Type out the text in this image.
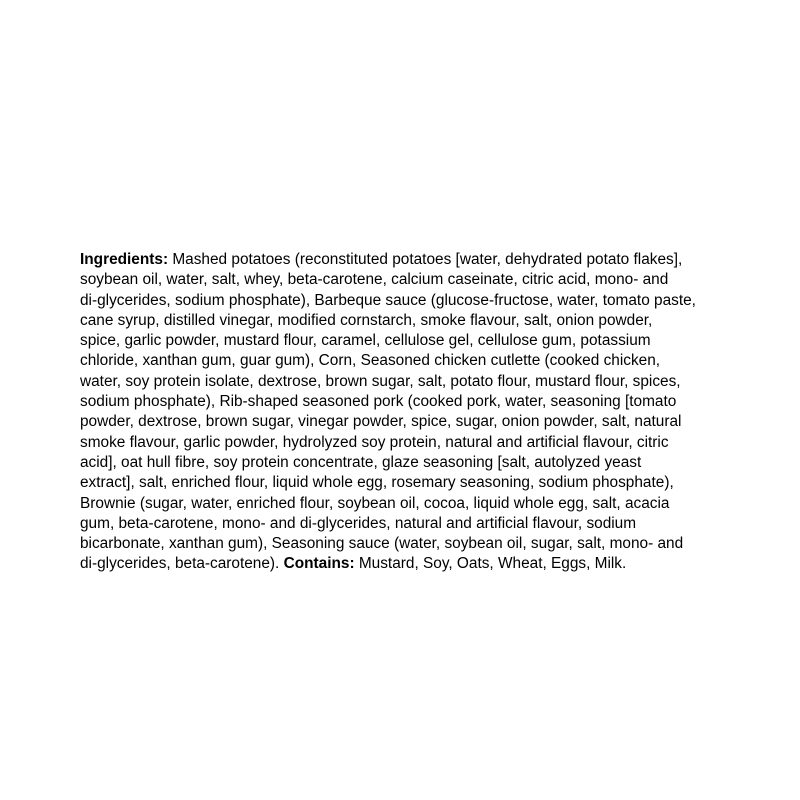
Ingredients: Mashed potatoes (reconstituted potatoes [water, dehydrated potato flakes],
soybean oil, water, salt, whey, beta-carotene, calcium caseinate, citric acid, mono- and
di-glycerides, sodium phosphate), Barbeque sauce (glucose-fructose, water, tomato paste,
cane syrup, distilled vinegar, modified cornstarch, smoke flavour, salt, onion powder,
spice, garlic powder, mustard flour, caramel, cellulose gel, cellulose gum, potassium
chloride, xanthan gum, guar gum), Corn, Seasoned chicken cutlette (cooked chicken,
water, soy protein isolate, dextrose, brown sugar, salt, potato flour, mustard flour, spices,
sodium phosphate), Rib-shaped seasoned pork (cooked pork, water, seasoning [tomato
powder, dextrose, brown sugar, vinegar powder, spice, sugar, onion powder, salt, natural
smoke flavour, garlic powder, hydrolyzed soy protein, natural and artificial flavour, citric
acid], oat hull fibre, soy protein concentrate, glaze seasoning [salt, autolyzed yeast
extract], salt, enriched flour, liquid whole egg, rosemary seasoning, sodium phosphate),
Brownie (sugar, water, enriched flour, soybean oil, cocoa, liquid whole egg, salt, acacia
gum, beta-carotene, mono- and di-glycerides, natural and artificial flavour, sodium
bicarbonate, xanthan gum), Seasoning sauce (water, soybean oil, sugar, salt, mono- and
di-glycerides, beta-carotene). Contains: Mustard, Soy, Oats, Wheat, Eggs, Milk.
